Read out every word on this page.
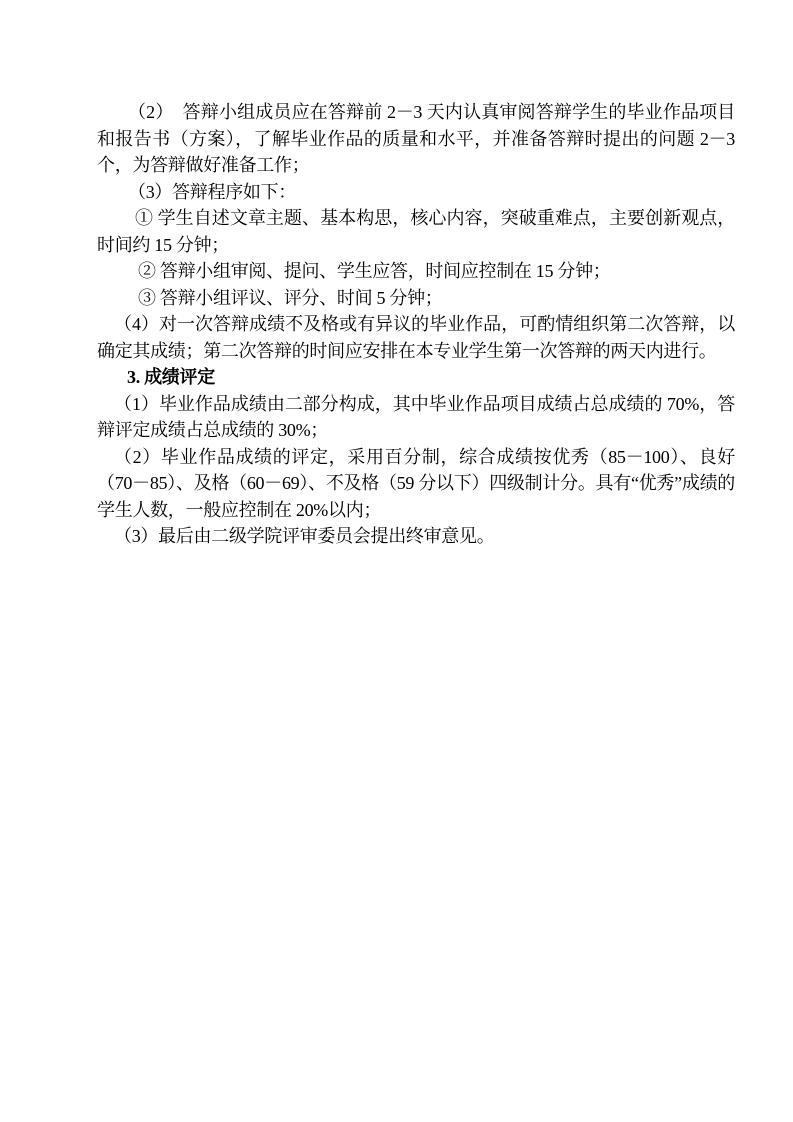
（2）　答辩小组成员应在答辩前 2－3 天内认真审阅答辩学生的毕业作品项目和报告书（方案），了解毕业作品的质量和水平，并准备答辩时提出的问题 2－3 个，为答辩做好准备工作；

（3）答辩程序如下：

① 学生自述文章主题、基本构思，核心内容，突破重难点，主要创新观点，时间约 15 分钟；

② 答辩小组审阅、提问、学生应答，时间应控制在 15 分钟；

③ 答辩小组评议、评分、时间 5 分钟；

（4）对一次答辩成绩不及格或有异议的毕业作品，可酌情组织第二次答辩，以确定其成绩；第二次答辩的时间应安排在本专业学生第一次答辩的两天内进行。

3. 成绩评定

（1）毕业作品成绩由二部分构成，其中毕业作品项目成绩占总成绩的 70%，答辩评定成绩占总成绩的 30%；

（2）毕业作品成绩的评定，采用百分制，综合成绩按优秀（85－100）、良好（70－85）、及格（60－69）、不及格（59 分以下）四级制计分。具有“优秀”成绩的学生人数，一般应控制在 20%以内；

（3）最后由二级学院评审委员会提出终审意见。
